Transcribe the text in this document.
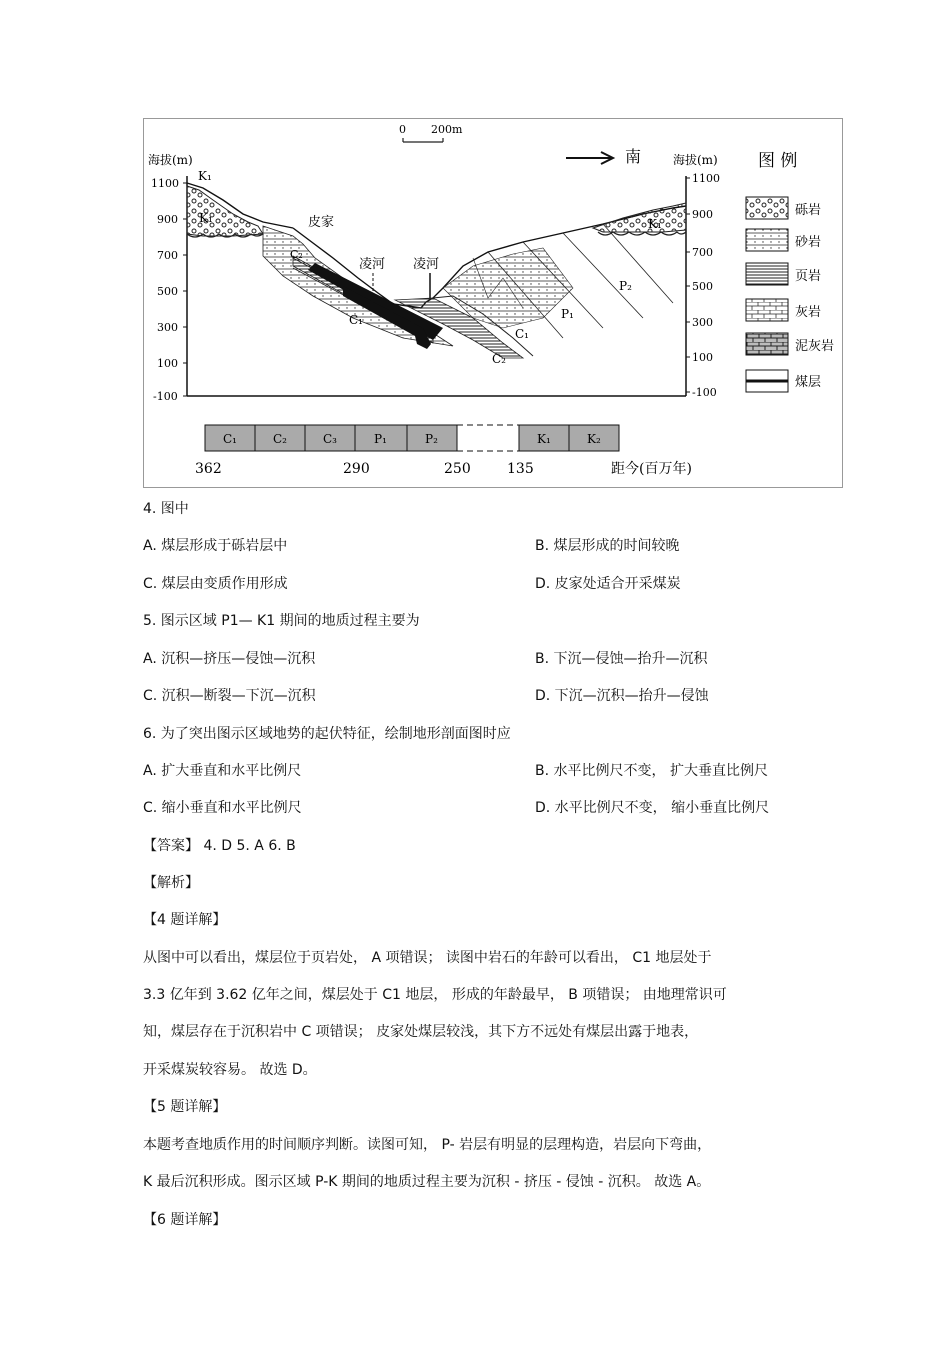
0 200m
南
海拔(m)	海拔(m)
1100
900
700
500
300
100
-100
1100
900
700
500
300
100
-100
K₁
K₁	K₁
皮家
凌河 凌河
C₁
C₂
C₁
C₂
P₁
P₂
图 例
砾岩
砂岩
页岩
灰岩
泥灰岩
煤层
C₁	C₂	C₃	P₁	P₂	K₁	K₂
362	290	250	135	距今(百万年)
4. 图中
A. 煤层形成于砾岩层中	B. 煤层形成的时间较晚
C. 煤层由变质作用形成	D. 皮家处适合开采煤炭
5. 图示区域 P1— K1 期间的地质过程主要为
A. 沉积—挤压—侵蚀—沉积	B. 下沉—侵蚀—抬升—沉积
C. 沉积—断裂—下沉—沉积	D. 下沉—沉积—抬升—侵蚀
6. 为了突出图示区域地势的起伏特征，绘制地形剖面图时应
A. 扩大垂直和水平比例尺	B. 水平比例尺不变， 扩大垂直比例尺
C. 缩小垂直和水平比例尺	D. 水平比例尺不变， 缩小垂直比例尺
【答案】 4. D 5. A 6. B
【解析】
【4 题详解】
从图中可以看出，煤层位于页岩处， A 项错误； 读图中岩石的年龄可以看出， C1 地层处于
3.3 亿年到 3.62 亿年之间，煤层处于 C1 地层， 形成的年龄最早， B 项错误； 由地理常识可
知，煤层存在于沉积岩中 C 项错误； 皮家处煤层较浅，其下方不远处有煤层出露于地表，
开采煤炭较容易。 故选 D。
【5 题详解】
本题考查地质作用的时间顺序判断。读图可知， P- 岩层有明显的层理构造，岩层向下弯曲，
K 最后沉积形成。图示区域 P-K 期间的地质过程主要为沉积 - 挤压 - 侵蚀 - 沉积。 故选 A。
【6 题详解】
